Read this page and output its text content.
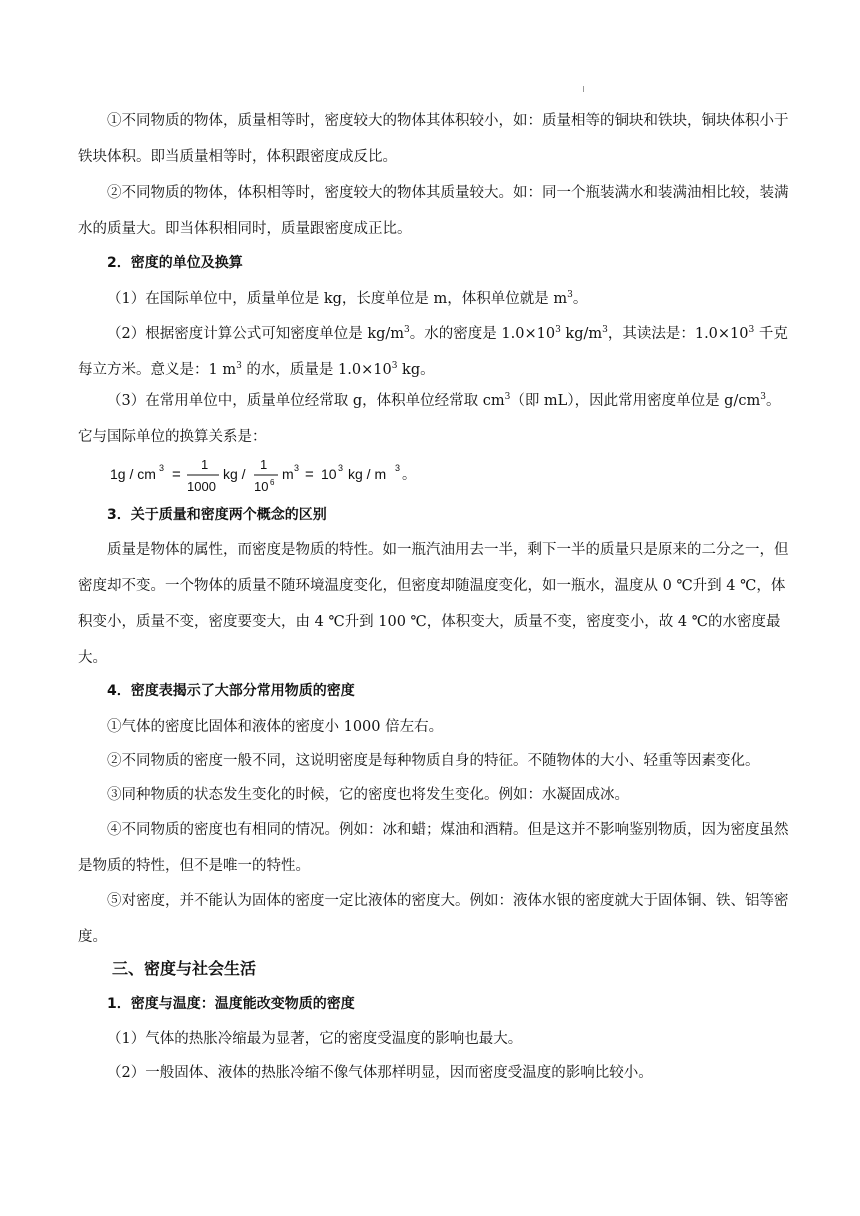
①不同物质的物体，质量相等时，密度较大的物体其体积较小，如：质量相等的铜块和铁块，铜块体积小于铁块体积。即当质量相等时，体积跟密度成反比。

②不同物质的物体，体积相等时，密度较大的物体其质量较大。如：同一个瓶装满水和装满油相比较，装满水的质量大。即当体积相同时，质量跟密度成正比。

2．密度的单位及换算

（1）在国际单位中，质量单位是 kg，长度单位是 m，体积单位就是 $m^3$。

（2）根据密度计算公式可知密度单位是 $kg/m^3$。水的密度是 $1.0\times 10^3$ $kg/m^3$，其读法是：$1.0\times 10^3$ 千克每立方米。意义是：1 $m^3$ 的水，质量是 $1.0\times 10^3$ kg。

（3）在常用单位中，质量单位经常取 g，体积单位经常取 $cm^3$（即 mL），因此常用密度单位是 $g/cm^3$。它与国际单位的换算关系是：

1g / cm 3 =
1
1000
kg /
1
10 6
m 3 = 10 3 kg / m 3 。

3．关于质量和密度两个概念的区别

质量是物体的属性，而密度是物质的特性。如一瓶汽油用去一半，剩下一半的质量只是原来的二分之一，但密度却不变。一个物体的质量不随环境温度变化，但密度却随温度变化，如一瓶水，温度从 0 ℃升到 4 ℃，体积变小，质量不变，密度要变大，由 4 ℃升到 100 ℃，体积变大，质量不变，密度变小，故 4 ℃的水密度最大。

4．密度表揭示了大部分常用物质的密度

①气体的密度比固体和液体的密度小 1000 倍左右。

②不同物质的密度一般不同，这说明密度是每种物质自身的特征。不随物体的大小、轻重等因素变化。

③同种物质的状态发生变化的时候，它的密度也将发生变化。例如：水凝固成冰。

④不同物质的密度也有相同的情况。例如：冰和蜡；煤油和酒精。但是这并不影响鉴别物质，因为密度虽然是物质的特性，但不是唯一的特性。

⑤对密度，并不能认为固体的密度一定比液体的密度大。例如：液体水银的密度就大于固体铜、铁、铝等密度。

三、密度与社会生活

1．密度与温度：温度能改变物质的密度

（1）气体的热胀冷缩最为显著，它的密度受温度的影响也最大。

（2）一般固体、液体的热胀冷缩不像气体那样明显，因而密度受温度的影响比较小。
